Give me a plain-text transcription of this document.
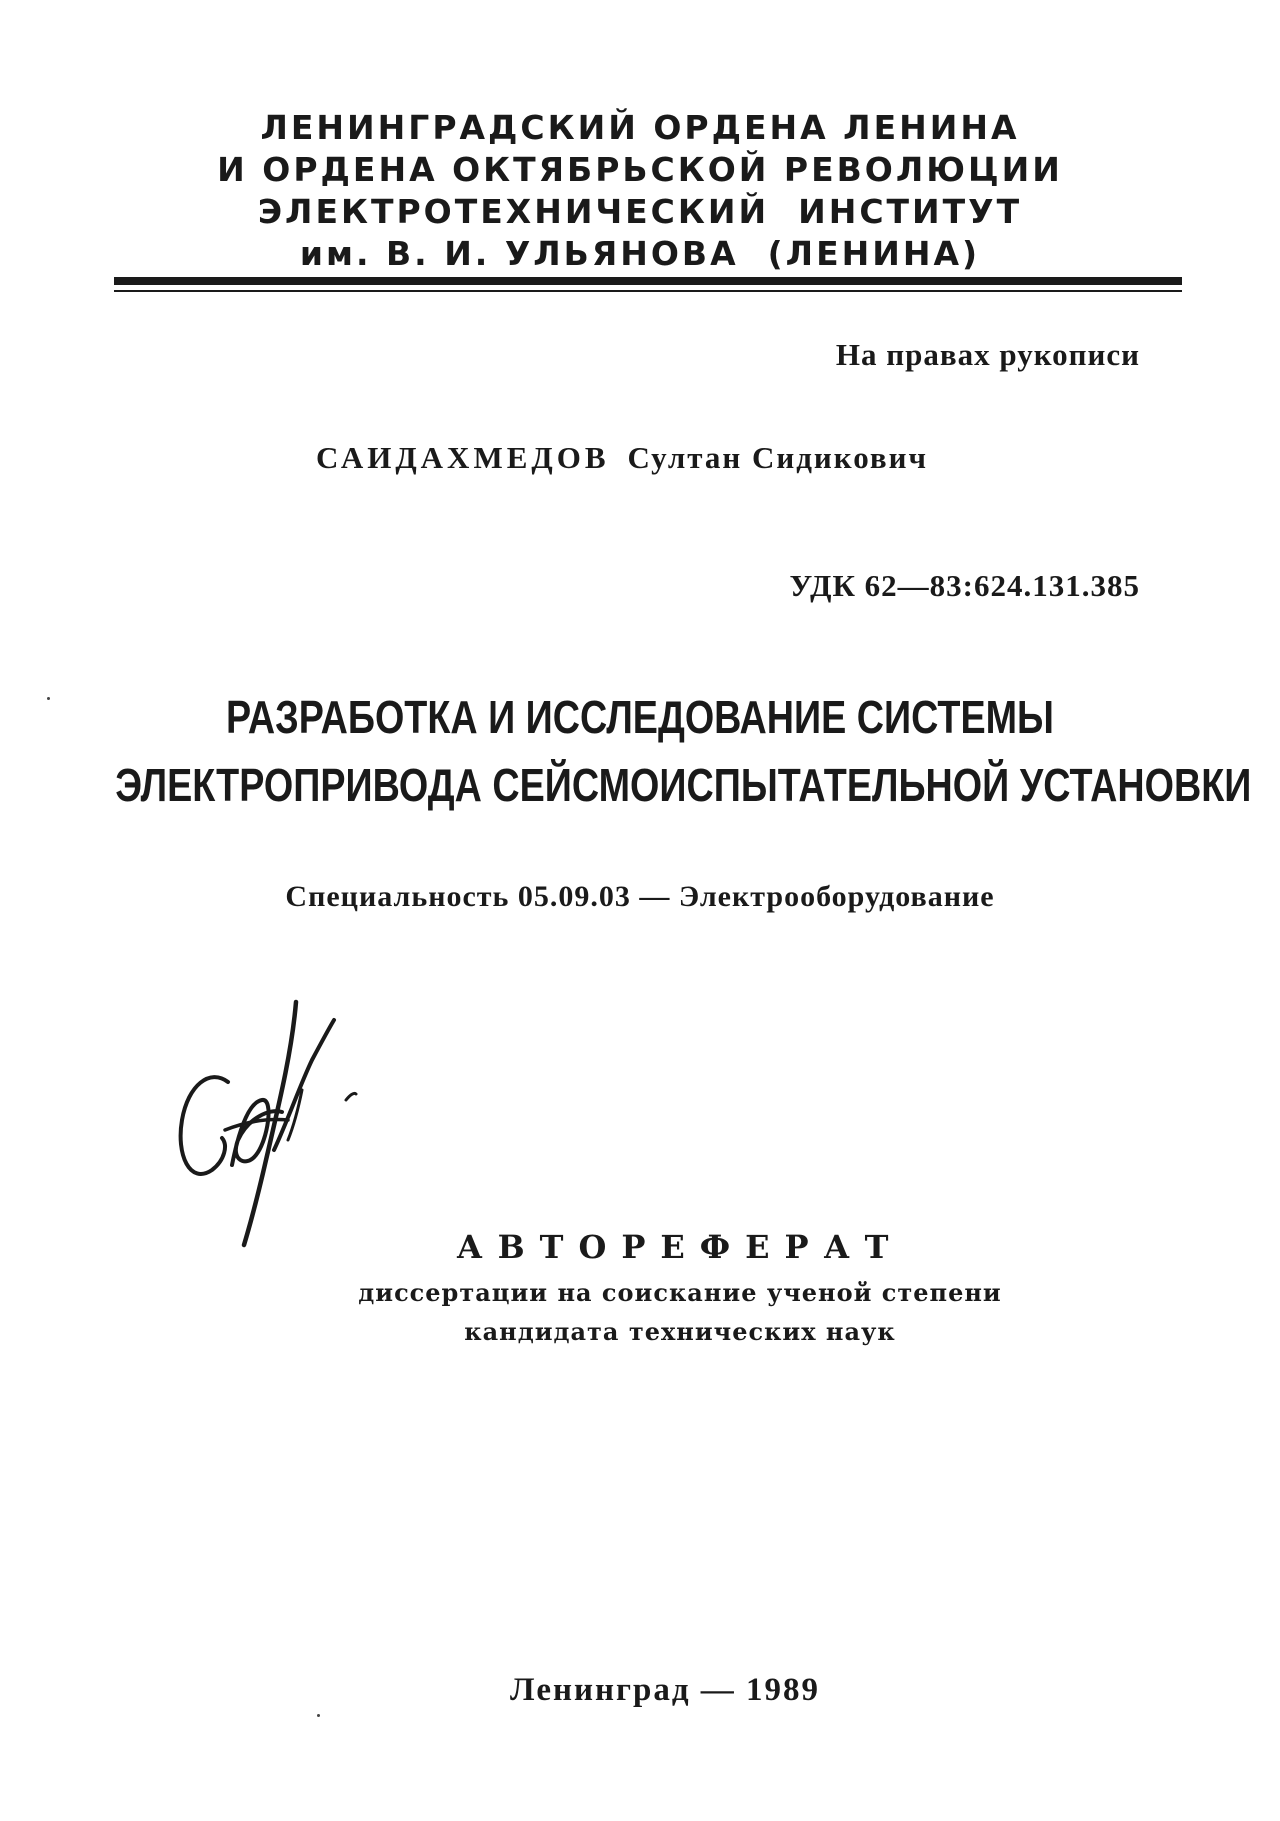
ЛЕНИНГРАДСКИЙ ОРДЕНА ЛЕНИНА
И ОРДЕНА ОКТЯБРЬСКОЙ РЕВОЛЮЦИИ
ЭЛЕКТРОТЕХНИЧЕСКИЙ  ИНСТИТУТ
им. В. И. УЛЬЯНОВА  (ЛЕНИНА)
На правах рукописи
САИДАХМЕДОВ Султан Сидикович
УДК 62—83:624.131.385
РАЗРАБОТКА И ИССЛЕДОВАНИЕ СИСТЕМЫ
ЭЛЕКТРОПРИВОДА СЕЙСМОИСПЫТАТЕЛЬНОЙ УСТАНОВКИ
Специальность 05.09.03 — Электрооборудование
АВТОРЕФЕРАТ
диссертации на соискание ученой степени
кандидата технических наук
Ленинград — 1989
